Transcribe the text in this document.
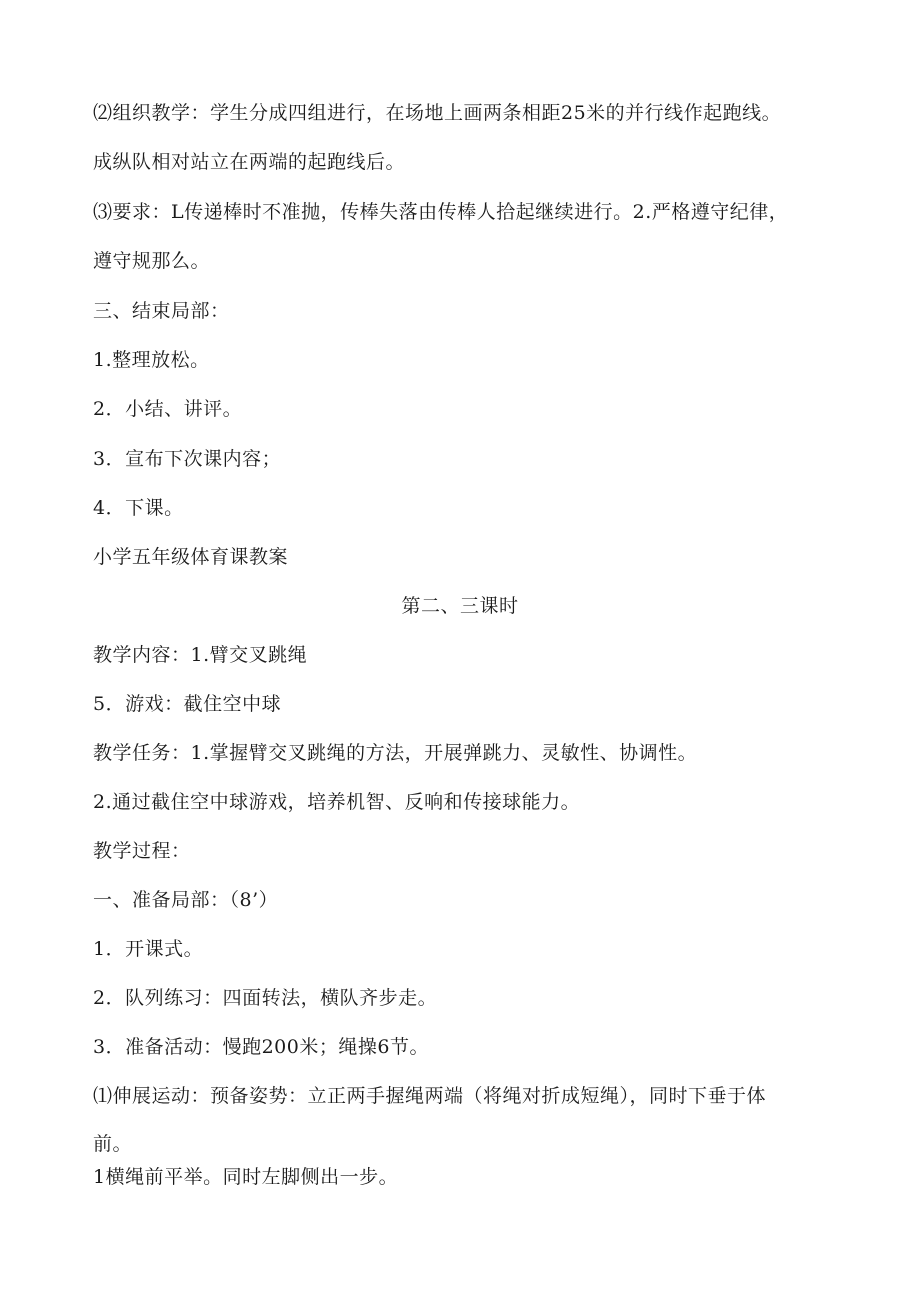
⑵组织教学：学生分成四组进行，在场地上画两条相距25米的并行线作起跑线。
成纵队相对站立在两端的起跑线后。
⑶要求：L传递棒时不准抛，传棒失落由传棒人拾起继续进行。2.严格遵守纪律，
遵守规那么。
三、结束局部：
1.整理放松。
2．小结、讲评。
3．宣布下次课内容；
4．下课。
小学五年级体育课教案
第二、三课时
教学内容：1.臂交叉跳绳
5．游戏：截住空中球
教学任务：1.掌握臂交叉跳绳的方法，开展弹跳力、灵敏性、协调性。
2.通过截住空中球游戏，培养机智、反响和传接球能力。
教学过程：
一、准备局部：（8’）
1．开课式。
2．队列练习：四面转法，横队齐步走。
3．准备活动：慢跑200米；绳操6节。
⑴伸展运动：预备姿势：立正两手握绳两端（将绳对折成短绳），同时下垂于体
前。
1横绳前平举。同时左脚侧出一步。
